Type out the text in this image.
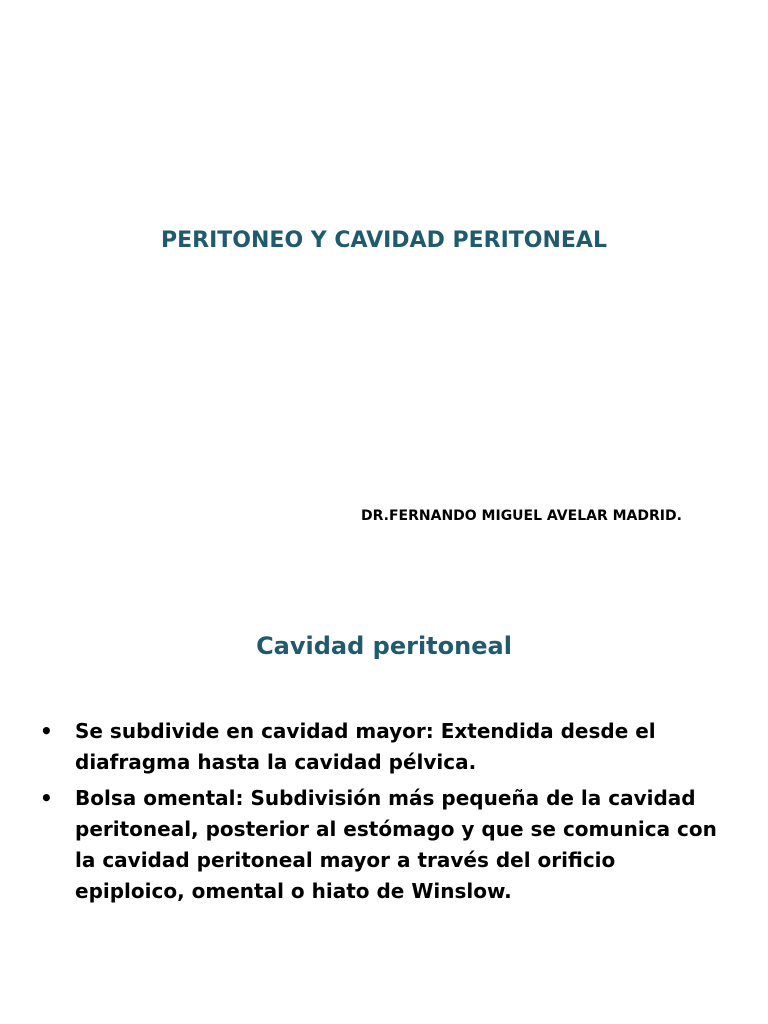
PERITONEO Y CAVIDAD PERITONEAL
DR.FERNANDO MIGUEL AVELAR MADRID.
Cavidad peritoneal
• Se subdivide en cavidad mayor: Extendida desde el diafragma hasta la cavidad pélvica.
• Bolsa omental: Subdivisión más pequeña de la cavidad peritoneal, posterior al estómago y que se comunica con la cavidad peritoneal mayor a través del orificio epiploico, omental o hiato de Winslow.
